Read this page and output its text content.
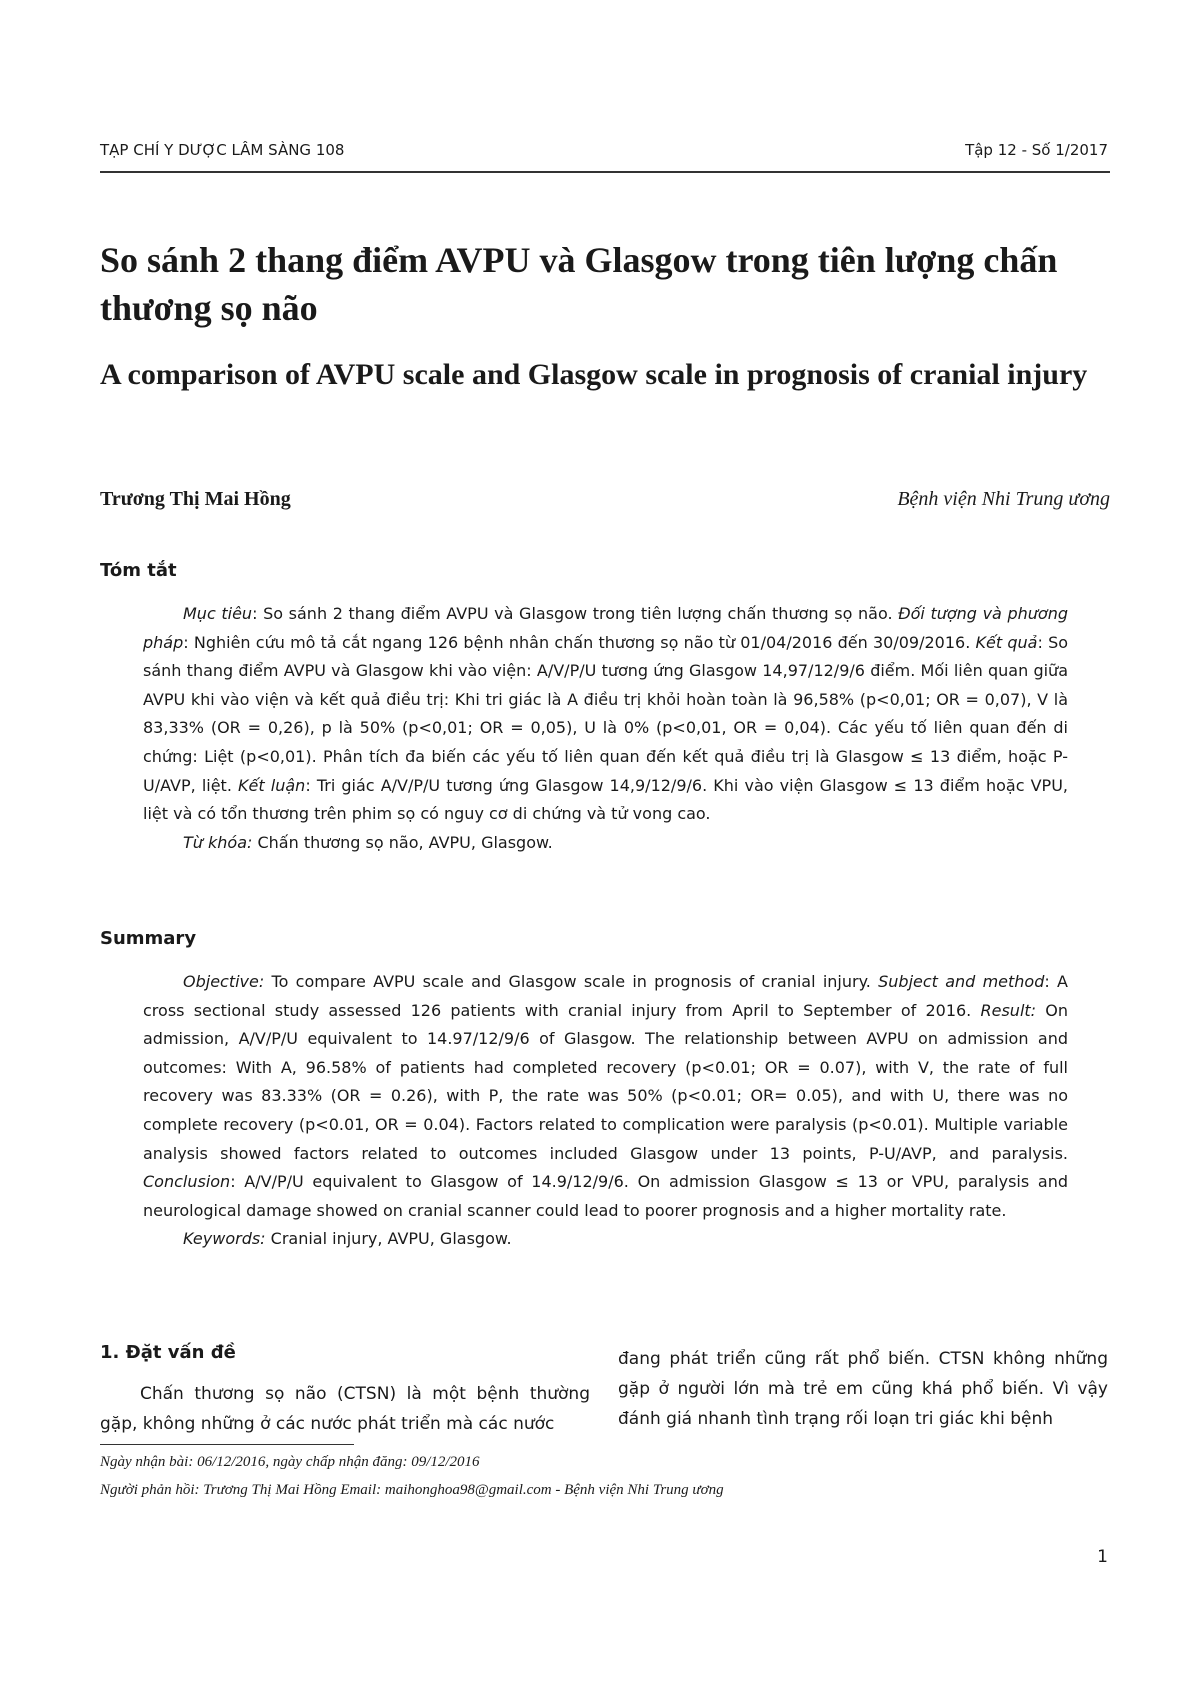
TẠP CHÍ Y DƯỢC LÂM SÀNG 108	Tập 12 - Số 1/2017
So sánh 2 thang điểm AVPU và Glasgow trong tiên lượng chấn thương sọ não
A comparison of AVPU scale and Glasgow scale in prognosis of cranial injury
Trương Thị Mai Hồng	Bệnh viện Nhi Trung ương
Tóm tắt

Mục tiêu: So sánh 2 thang điểm AVPU và Glasgow trong tiên lượng chấn thương sọ não. Đối tượng và phương pháp: Nghiên cứu mô tả cắt ngang 126 bệnh nhân chấn thương sọ não từ 01/04/2016 đến 30/09/2016. Kết quả: So sánh thang điểm AVPU và Glasgow khi vào viện: A/V/P/U tương ứng Glasgow 14,97/12/9/6 điểm. Mối liên quan giữa AVPU khi vào viện và kết quả điều trị: Khi tri giác là A điều trị khỏi hoàn toàn là 96,58% (p<0,01; OR = 0,07), V là 83,33% (OR = 0,26), p là 50% (p<0,01; OR = 0,05), U là 0% (p<0,01, OR = 0,04). Các yếu tố liên quan đến di chứng: Liệt (p<0,01). Phân tích đa biến các yếu tố liên quan đến kết quả điều trị là Glasgow ≤ 13 điểm, hoặc P-U/AVP, liệt. Kết luận: Tri giác A/V/P/U tương ứng Glasgow 14,9/12/9/6. Khi vào viện Glasgow ≤ 13 điểm hoặc VPU, liệt và có tổn thương trên phim sọ có nguy cơ di chứng và tử vong cao.

Từ khóa: Chấn thương sọ não, AVPU, Glasgow.

Summary

Objective: To compare AVPU scale and Glasgow scale in prognosis of cranial injury. Subject and method: A cross sectional study assessed 126 patients with cranial injury from April to September of 2016. Result: On admission, A/V/P/U equivalent to 14.97/12/9/6 of Glasgow. The relationship between AVPU on admission and outcomes: With A, 96.58% of patients had completed recovery (p<0.01; OR = 0.07), with V, the rate of full recovery was 83.33% (OR = 0.26), with P, the rate was 50% (p<0.01; OR= 0.05), and with U, there was no complete recovery (p<0.01, OR = 0.04). Factors related to complication were paralysis (p<0.01). Multiple variable analysis showed factors related to outcomes included Glasgow under 13 points, P-U/AVP, and paralysis. Conclusion: A/V/P/U equivalent to Glasgow of 14.9/12/9/6. On admission Glasgow ≤ 13 or VPU, paralysis and neurological damage showed on cranial scanner could lead to poorer prognosis and a higher mortality rate.

Keywords: Cranial injury, AVPU, Glasgow.

1. Đặt vấn đề

Chấn thương sọ não (CTSN) là một bệnh thường gặp, không những ở các nước phát triển mà các nước

đang phát triển cũng rất phổ biến. CTSN không những gặp ở người lớn mà trẻ em cũng khá phổ biến. Vì vậy đánh giá nhanh tình trạng rối loạn tri giác khi bệnh

Ngày nhận bài: 06/12/2016, ngày chấp nhận đăng: 09/12/2016
Người phản hồi: Trương Thị Mai Hồng Email: maihonghoa98@gmail.com - Bệnh viện Nhi Trung ương
1
